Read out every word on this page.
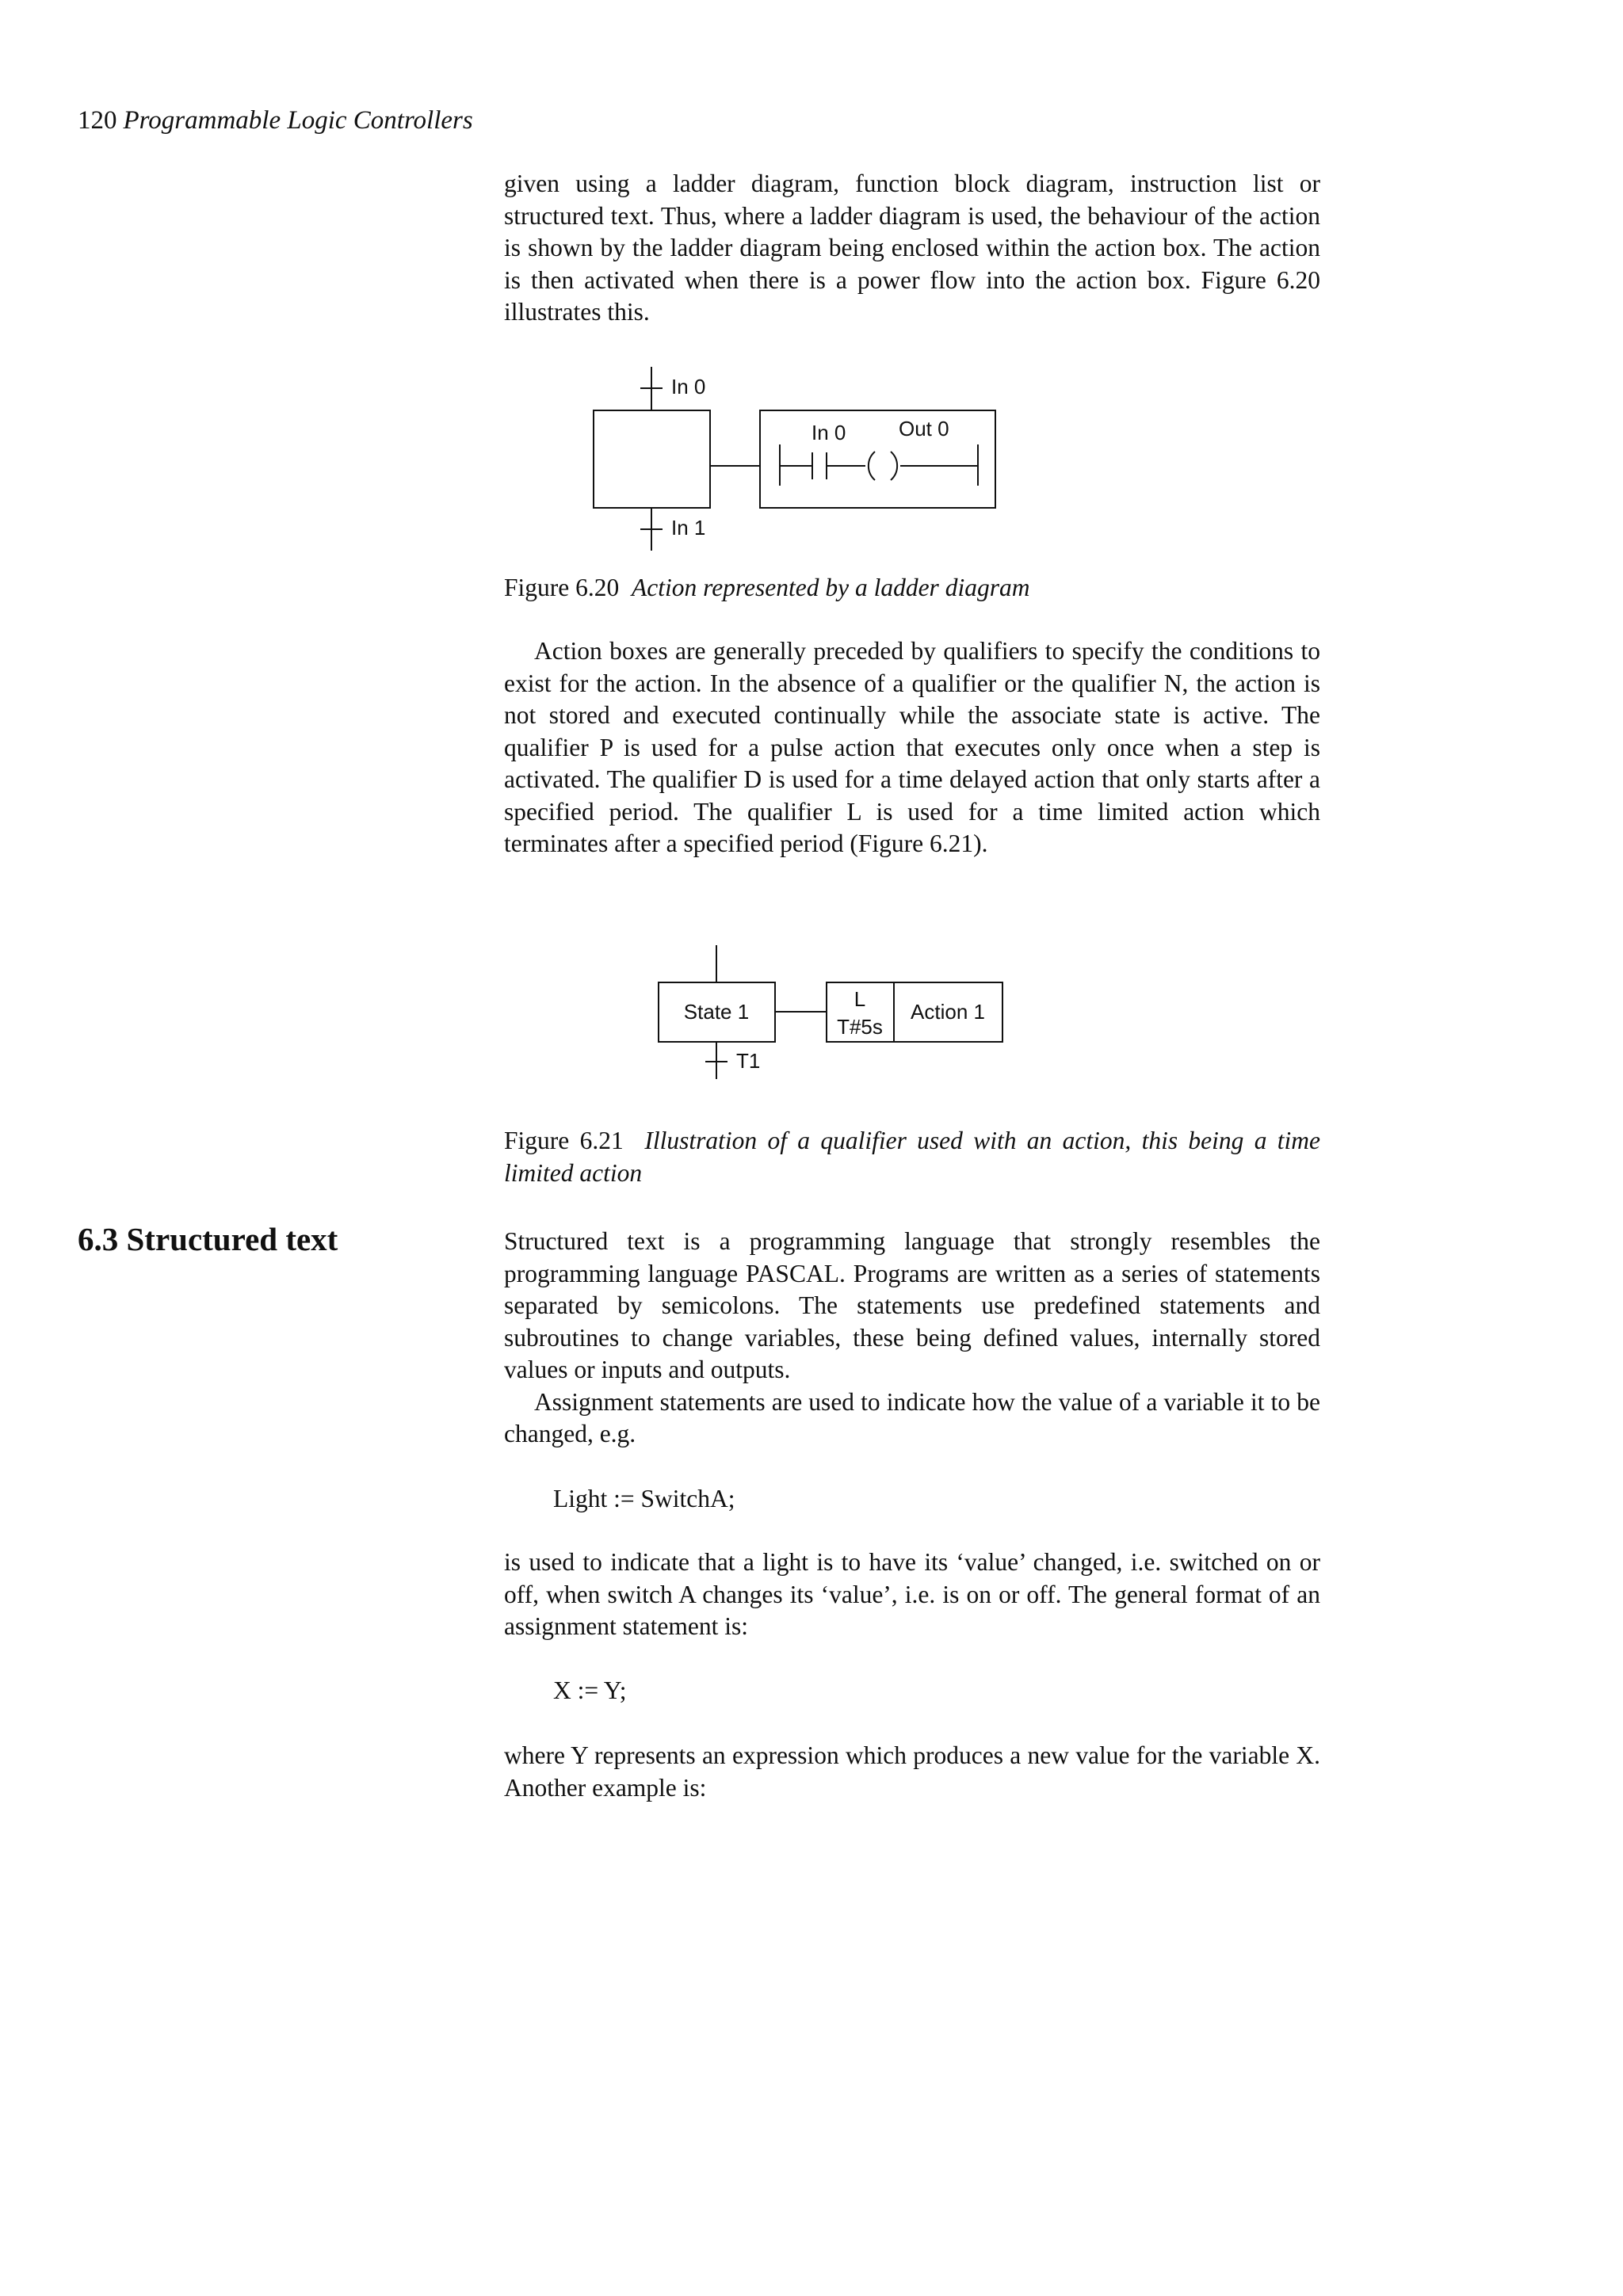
120 Programmable Logic Controllers

given using a ladder diagram, function block diagram, instruction list or structured text. Thus, where a ladder diagram is used, the behaviour of the action is shown by the ladder diagram being enclosed within the action box. The action is then activated when there is a power flow into the action box. Figure 6.20 illustrates this.

In 0
In 1
In 0	Out 0

Figure 6.20 Action represented by a ladder diagram

Action boxes are generally preceded by qualifiers to specify the conditions to exist for the action. In the absence of a qualifier or the qualifier N, the action is not stored and executed continually while the associate state is active. The qualifier P is used for a pulse action that executes only once when a step is activated. The qualifier D is used for a time delayed action that only starts after a specified period. The qualifier L is used for a time limited action which terminates after a specified period (Figure 6.21).

State 1
L
T#5s
Action 1
T1

Figure 6.21 Illustration of a qualifier used with an action, this being a time limited action

6.3 Structured text	Structured text is a programming language that strongly resembles the programming language PASCAL. Programs are written as a series of statements separated by semicolons. The statements use predefined statements and subroutines to change variables, these being defined values, internally stored values or inputs and outputs.

Assignment statements are used to indicate how the value of a variable it to be changed, e.g.

Light := SwitchA;

is used to indicate that a light is to have its ‘value’ changed, i.e. switched on or off, when switch A changes its ‘value’, i.e. is on or off. The general format of an assignment statement is:

X := Y;

where Y represents an expression which produces a new value for the variable X. Another example is:
